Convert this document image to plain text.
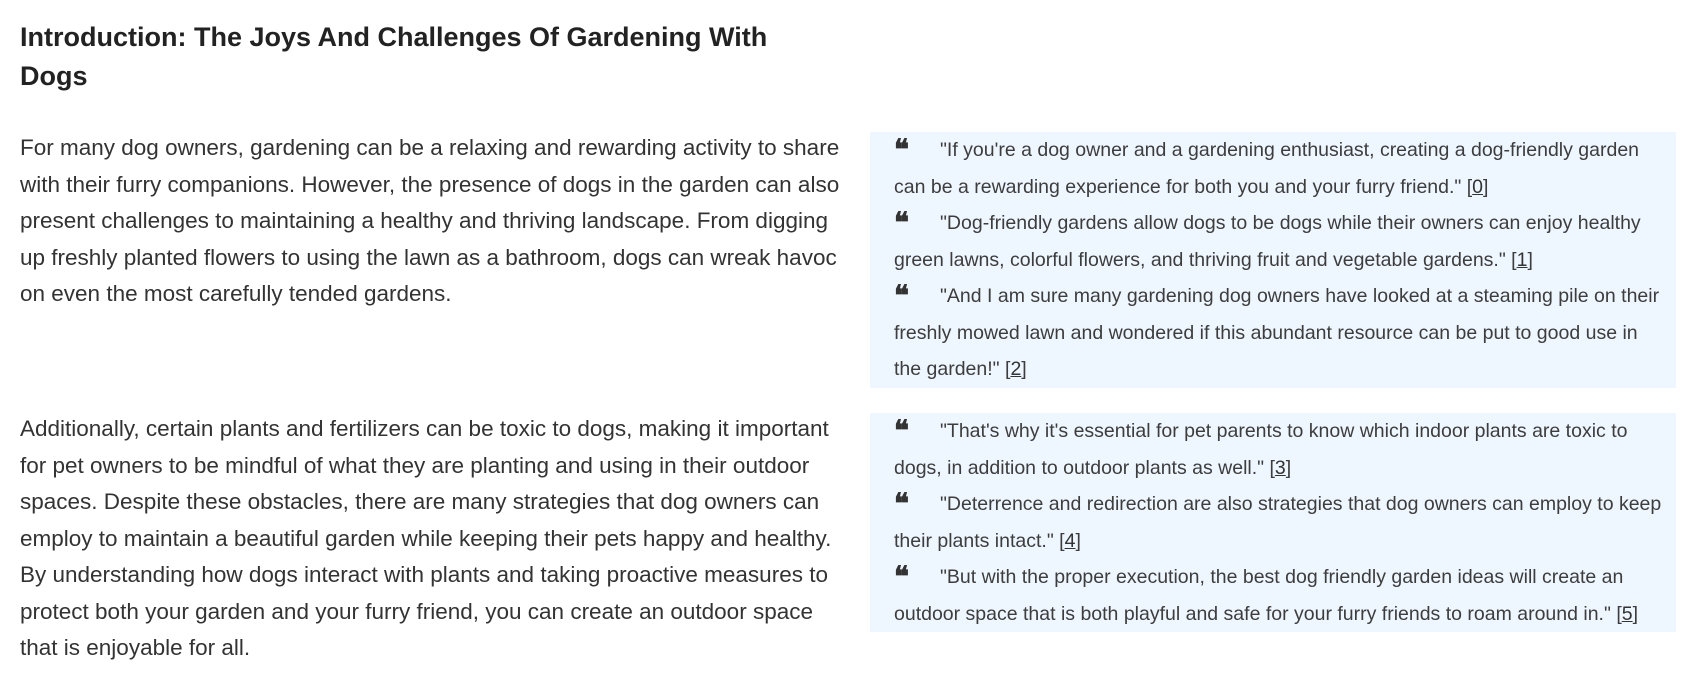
Introduction: The Joys And Challenges Of Gardening With Dogs

For many dog owners, gardening can be a relaxing and rewarding activity to share with their furry companions. However, the presence of dogs in the garden can also present challenges to maintaining a healthy and thriving landscape. From digging up freshly planted flowers to using the lawn as a bathroom, dogs can wreak havoc on even the most carefully tended gardens.

❝ "If you're a dog owner and a gardening enthusiast, creating a dog-friendly garden can be a rewarding experience for both you and your furry friend." [0]

❝ "Dog-friendly gardens allow dogs to be dogs while their owners can enjoy healthy green lawns, colorful flowers, and thriving fruit and vegetable gardens." [1]

❝ "And I am sure many gardening dog owners have looked at a steaming pile on their freshly mowed lawn and wondered if this abundant resource can be put to good use in the garden!" [2]

Additionally, certain plants and fertilizers can be toxic to dogs, making it important for pet owners to be mindful of what they are planting and using in their outdoor spaces. Despite these obstacles, there are many strategies that dog owners can employ to maintain a beautiful garden while keeping their pets happy and healthy. By understanding how dogs interact with plants and taking proactive measures to protect both your garden and your furry friend, you can create an outdoor space that is enjoyable for all.

❝ "That's why it's essential for pet parents to know which indoor plants are toxic to dogs, in addition to outdoor plants as well." [3]

❝ "Deterrence and redirection are also strategies that dog owners can employ to keep their plants intact." [4]

❝ "But with the proper execution, the best dog friendly garden ideas will create an outdoor space that is both playful and safe for your furry friends to roam around in." [5]
